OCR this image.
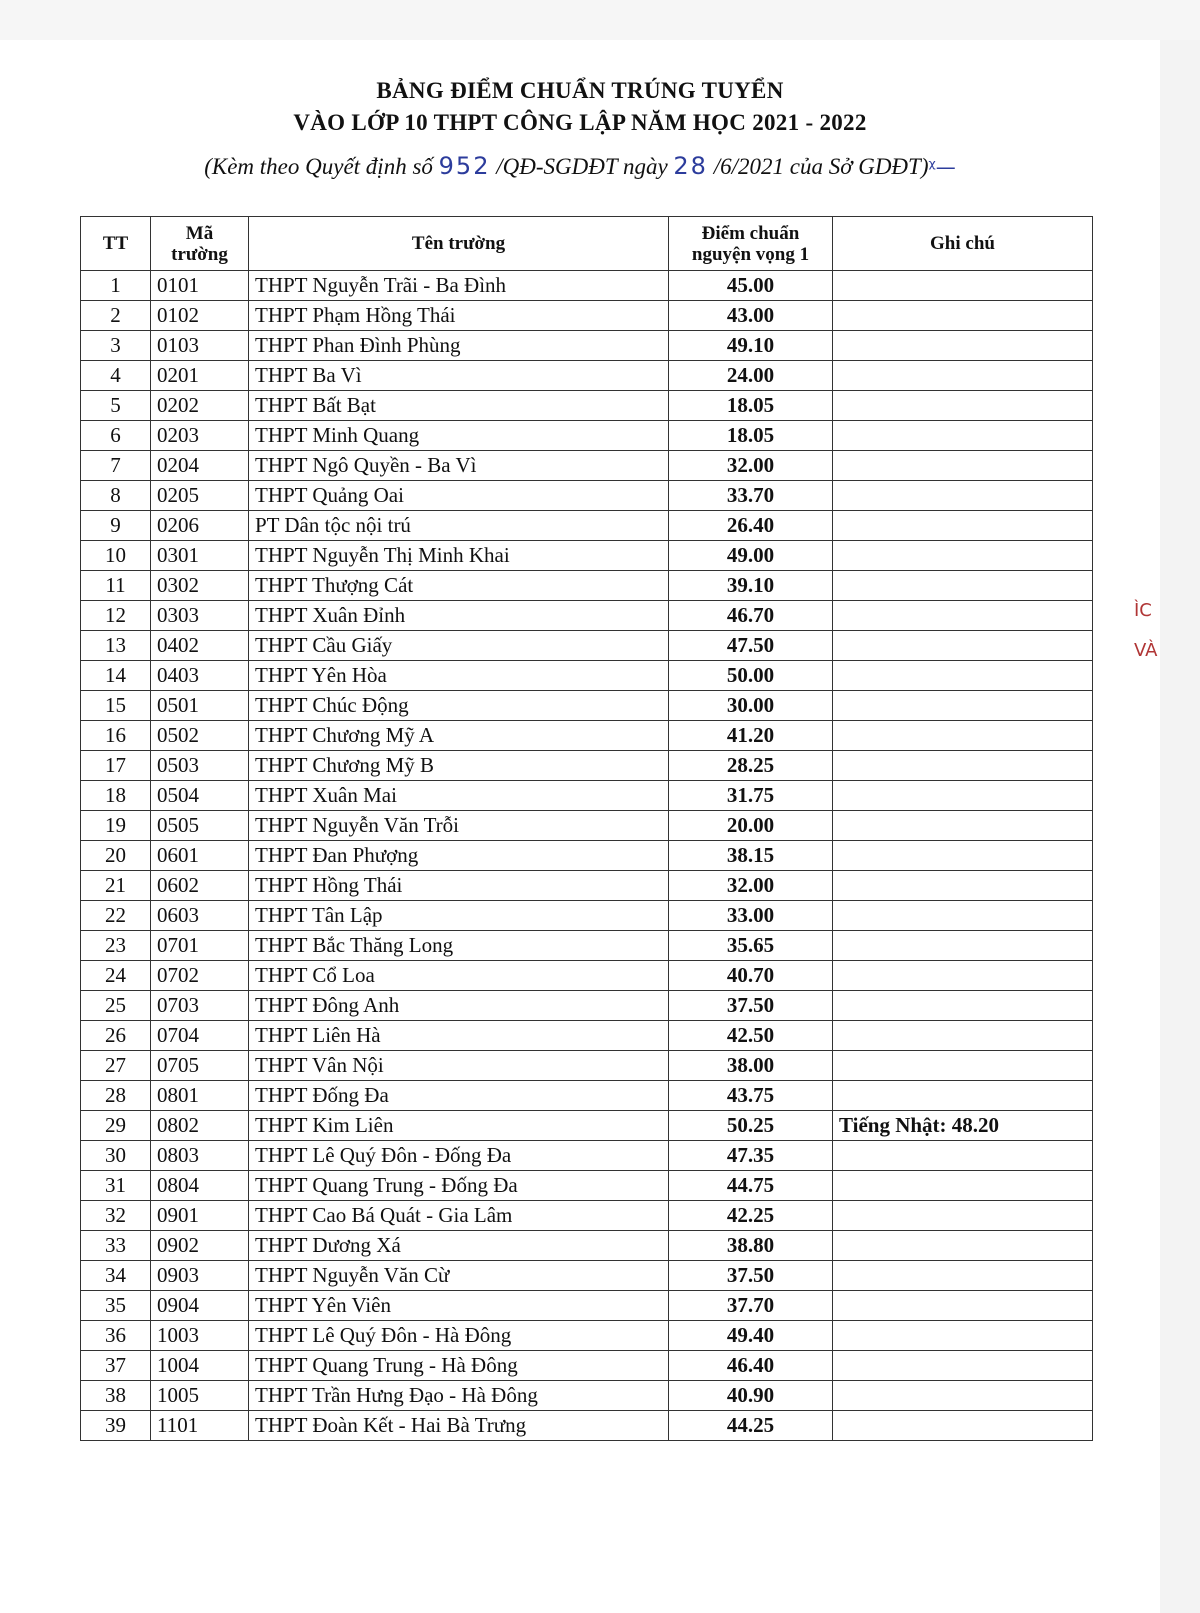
BẢNG ĐIỂM CHUẨN TRÚNG TUYỂN
VÀO LỚP 10 THPT CÔNG LẬP NĂM HỌC 2021 - 2022
(Kèm theo Quyết định số 952 /QĐ-SGDĐT ngày 28 /6/2021 của Sở GDĐT)ᵡ—
TT	Mã trường	Tên trường	Điểm chuẩn nguyện vọng 1	Ghi chú
1	0101	THPT Nguyễn Trãi - Ba Đình	45.00	
2	0102	THPT Phạm Hồng Thái	43.00	
3	0103	THPT Phan Đình Phùng	49.10	
4	0201	THPT Ba Vì	24.00	
5	0202	THPT Bất Bạt	18.05	
6	0203	THPT Minh Quang	18.05	
7	0204	THPT Ngô Quyền - Ba Vì	32.00	
8	0205	THPT Quảng Oai	33.70	
9	0206	PT Dân tộc nội trú	26.40	
10	0301	THPT Nguyễn Thị Minh Khai	49.00	
11	0302	THPT Thượng Cát	39.10	
12	0303	THPT Xuân Đỉnh	46.70	
13	0402	THPT Cầu Giấy	47.50	
14	0403	THPT Yên Hòa	50.00	
15	0501	THPT Chúc Động	30.00	
16	0502	THPT Chương Mỹ A	41.20	
17	0503	THPT Chương Mỹ B	28.25	
18	0504	THPT Xuân Mai	31.75	
19	0505	THPT Nguyễn Văn Trỗi	20.00	
20	0601	THPT Đan Phượng	38.15	
21	0602	THPT Hồng Thái	32.00	
22	0603	THPT Tân Lập	33.00	
23	0701	THPT Bắc Thăng Long	35.65	
24	0702	THPT Cổ Loa	40.70	
25	0703	THPT Đông Anh	37.50	
26	0704	THPT Liên Hà	42.50	
27	0705	THPT Vân Nội	38.00	
28	0801	THPT Đống Đa	43.75	
29	0802	THPT Kim Liên	50.25	Tiếng Nhật: 48.20
30	0803	THPT Lê Quý Đôn - Đống Đa	47.35	
31	0804	THPT Quang Trung - Đống Đa	44.75	
32	0901	THPT Cao Bá Quát - Gia Lâm	42.25	
33	0902	THPT Dương Xá	38.80	
34	0903	THPT Nguyễn Văn Cừ	37.50	
35	0904	THPT Yên Viên	37.70	
36	1003	THPT Lê Quý Đôn - Hà Đông	49.40	
37	1004	THPT Quang Trung - Hà Đông	46.40	
38	1005	THPT Trần Hưng Đạo - Hà Đông	40.90	
39	1101	THPT Đoàn Kết - Hai Bà Trưng	44.25	
ÌC
VÀ
